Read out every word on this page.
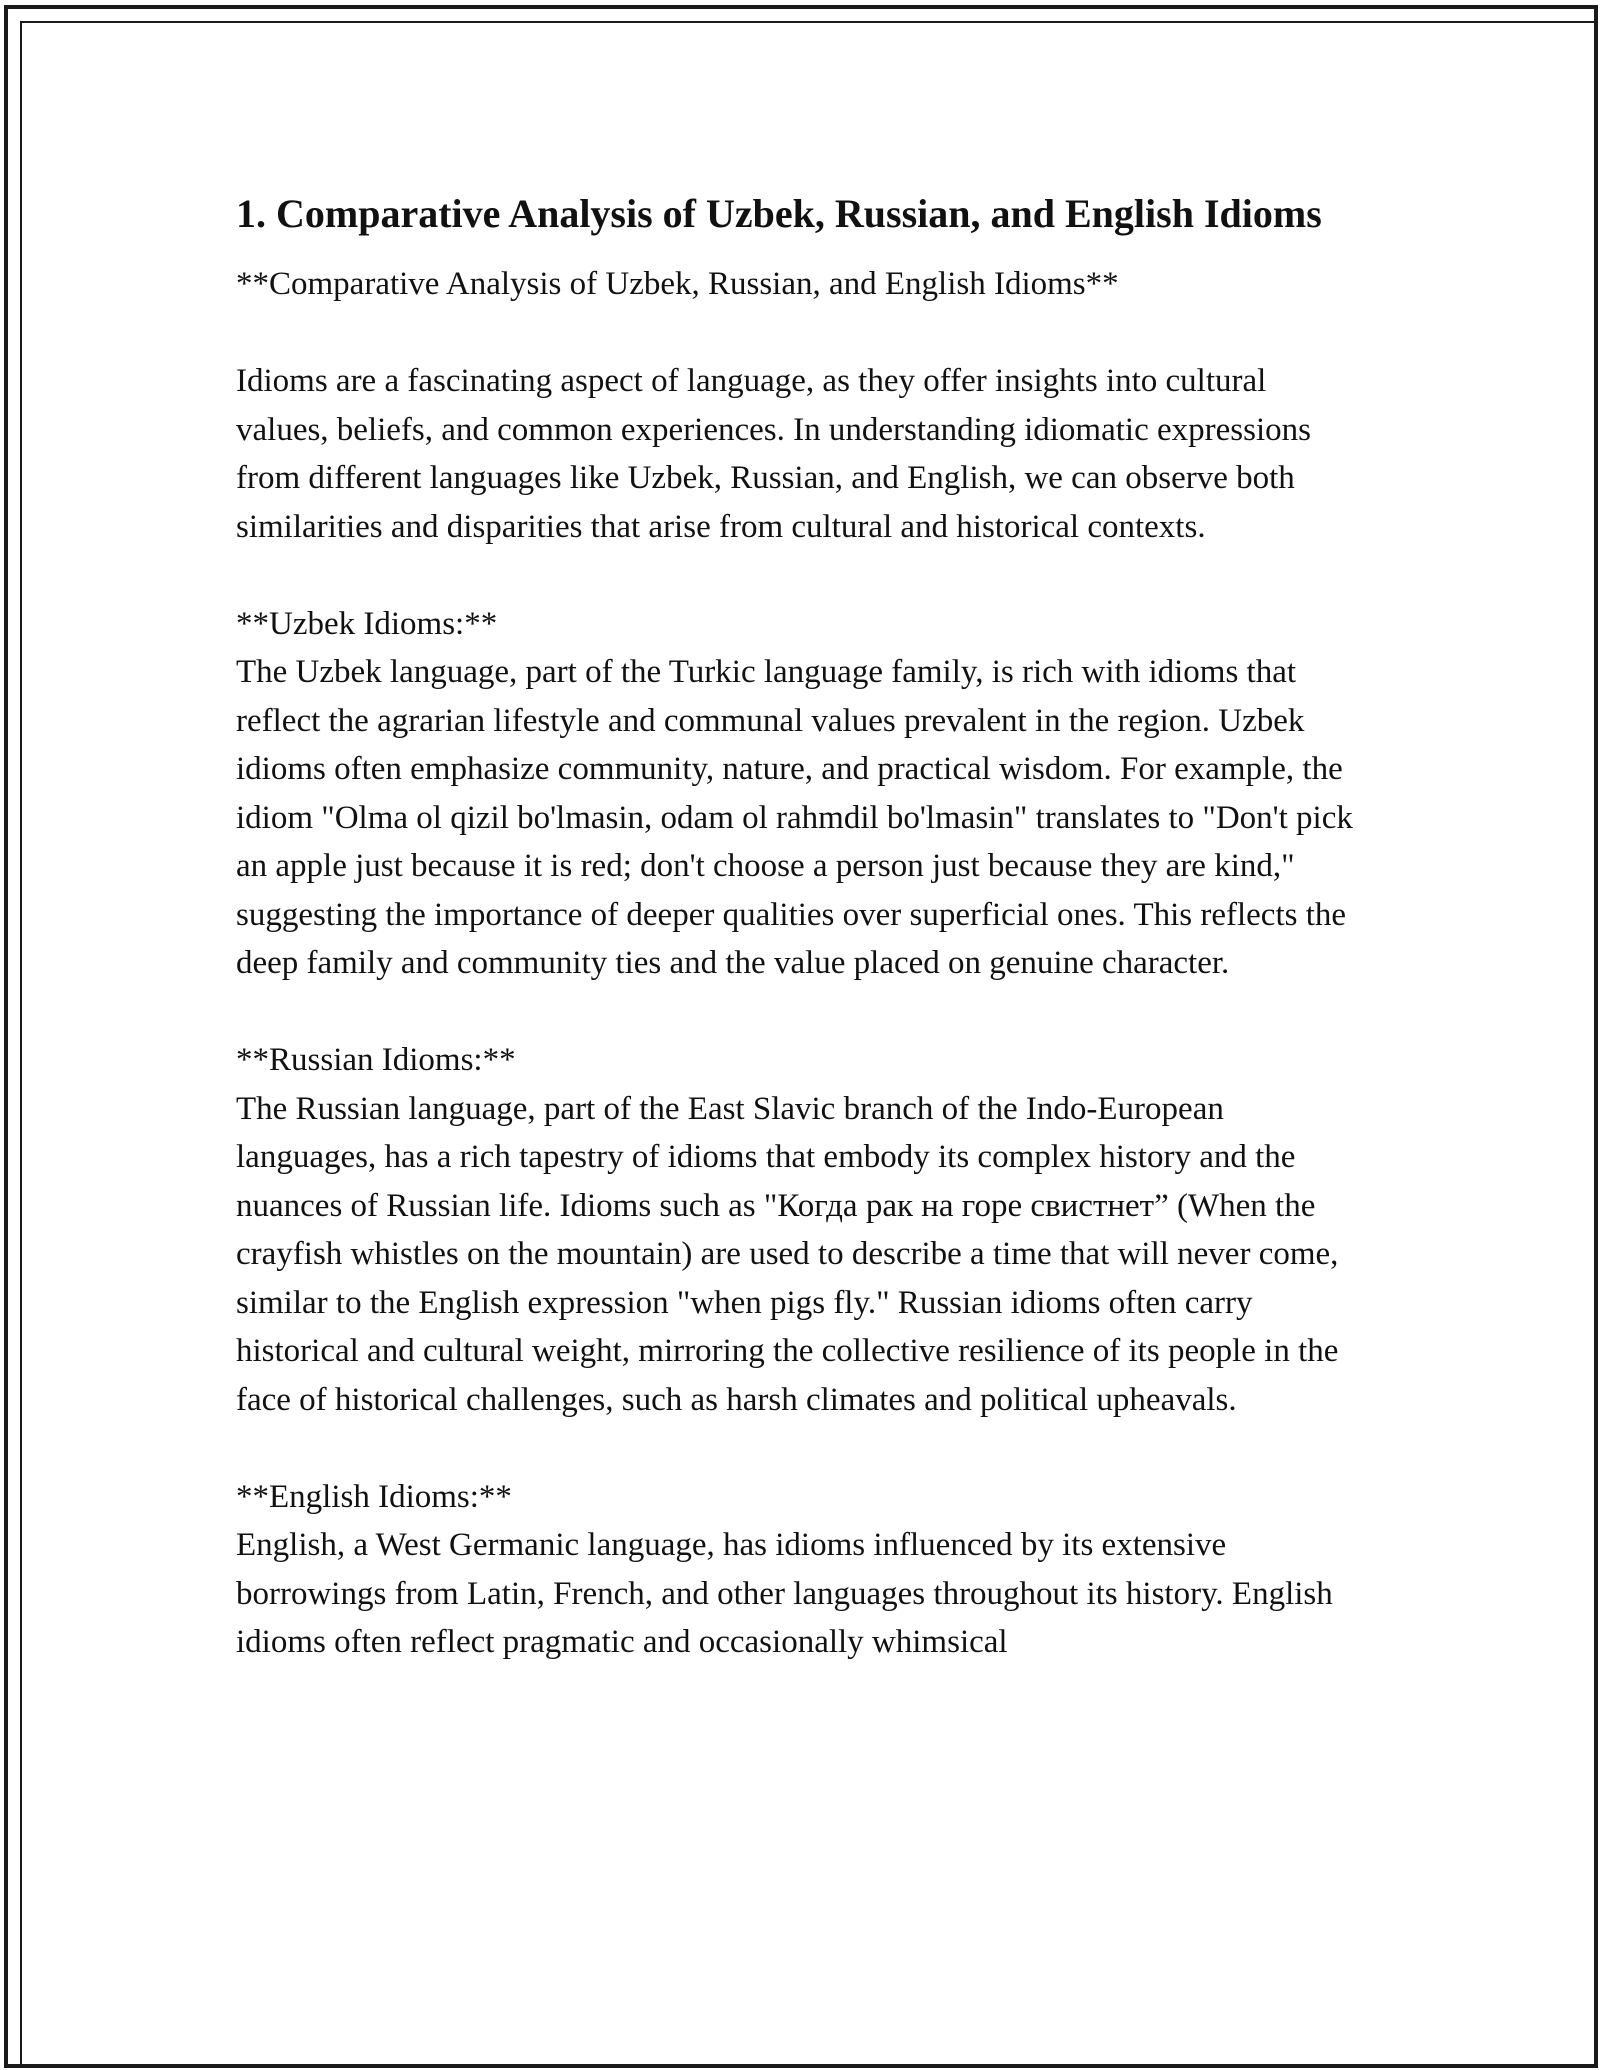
1. Comparative Analysis of Uzbek, Russian, and English Idioms
**Comparative Analysis of Uzbek, Russian, and English Idioms**

Idioms are a fascinating aspect of language, as they offer insights into cultural values, beliefs, and common experiences. In understanding idiomatic expressions from different languages like Uzbek, Russian, and English, we can observe both similarities and disparities that arise from cultural and historical contexts.

**Uzbek Idioms:**
The Uzbek language, part of the Turkic language family, is rich with idioms that reflect the agrarian lifestyle and communal values prevalent in the region. Uzbek idioms often emphasize community, nature, and practical wisdom. For example, the idiom "Olma ol qizil bo'lmasin, odam ol rahmdil bo'lmasin" translates to "Don't pick an apple just because it is red; don't choose a person just because they are kind," suggesting the importance of deeper qualities over superficial ones. This reflects the deep family and community ties and the value placed on genuine character.

**Russian Idioms:**
The Russian language, part of the East Slavic branch of the Indo-European languages, has a rich tapestry of idioms that embody its complex history and the nuances of Russian life. Idioms such as "Когда рак на горе свистнет” (When the crayfish whistles on the mountain) are used to describe a time that will never come, similar to the English expression "when pigs fly." Russian idioms often carry historical and cultural weight, mirroring the collective resilience of its people in the face of historical challenges, such as harsh climates and political upheavals.

**English Idioms:**
English, a West Germanic language, has idioms influenced by its extensive borrowings from Latin, French, and other languages throughout its history. English idioms often reflect pragmatic and occasionally whimsical
